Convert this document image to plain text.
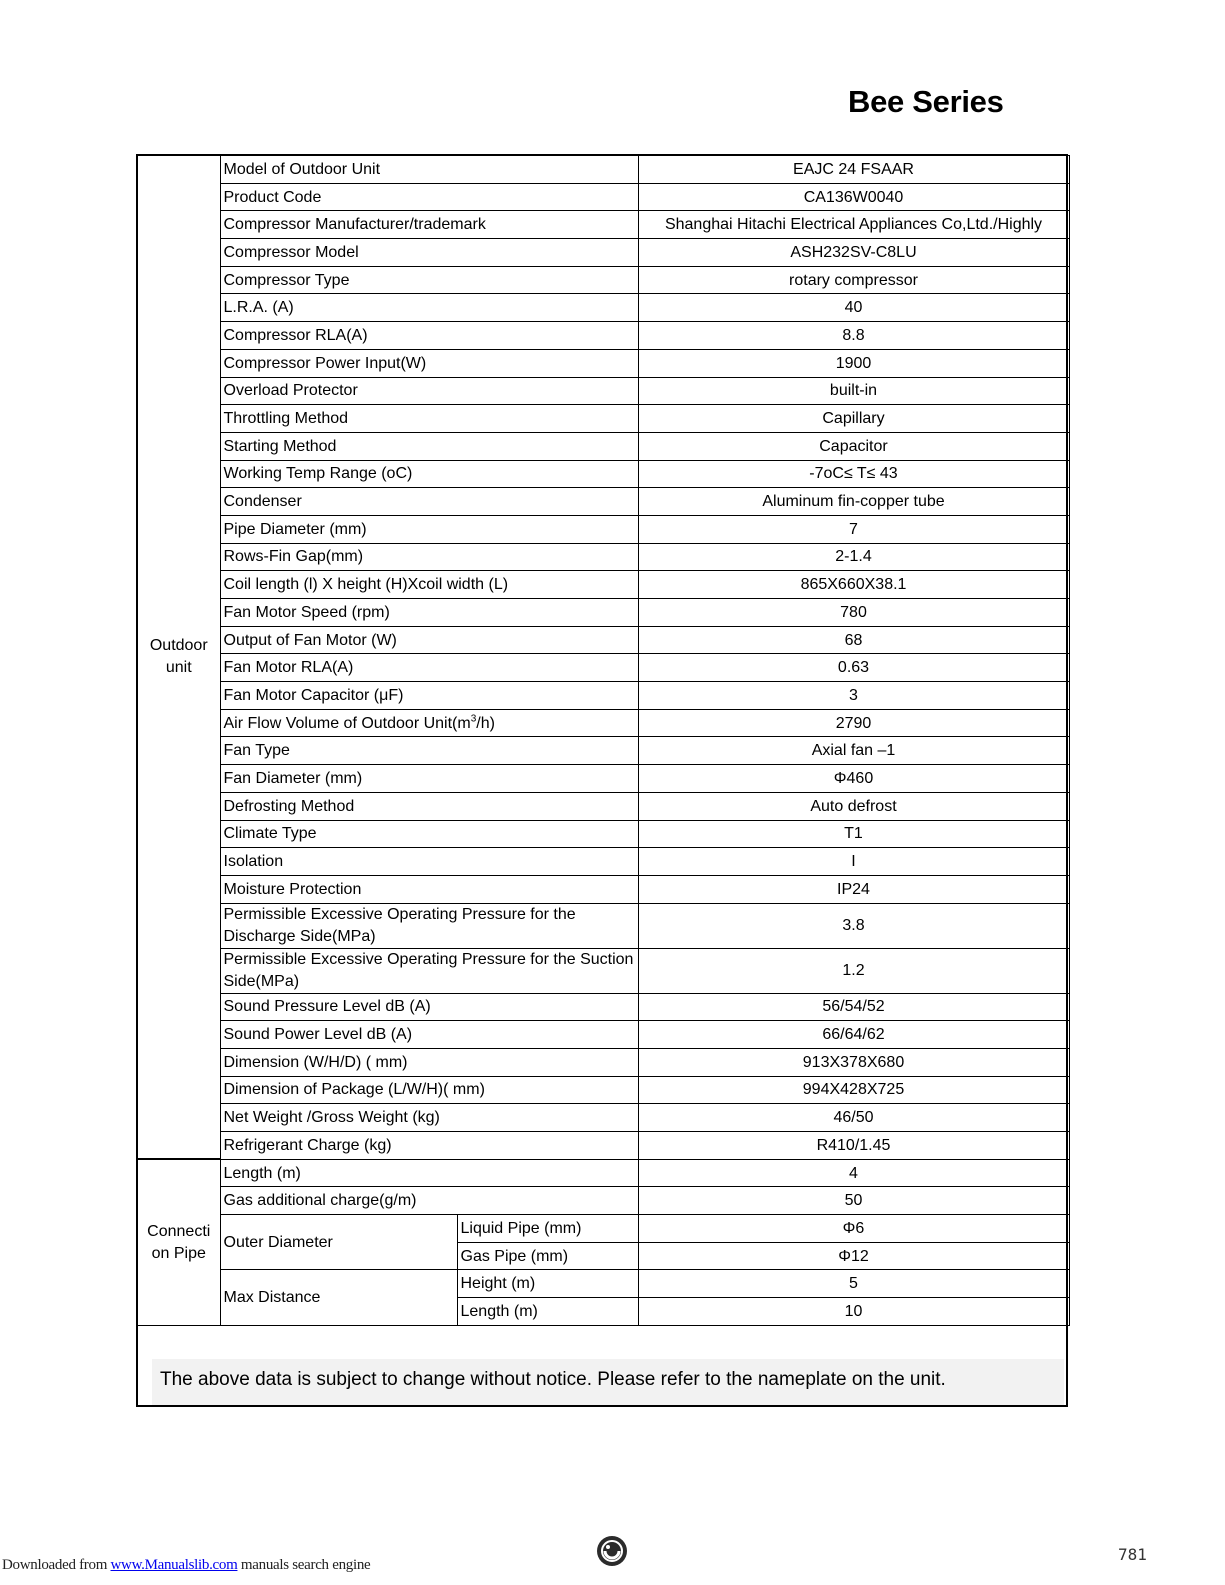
Bee Series
Outdoor unit	Model of Outdoor Unit		EAJC 24 FSAAR
	Product Code		CA136W0040
	Compressor Manufacturer/trademark		Shanghai Hitachi Electrical Appliances Co,Ltd./Highly
	Compressor Model		ASH232SV-C8LU
	Compressor Type		rotary compressor
	L.R.A. (A)		40
	Compressor RLA(A)		8.8
	Compressor Power Input(W)		1900
	Overload Protector		built-in
	Throttling Method		Capillary
	Starting Method		Capacitor
	Working Temp Range (oC)		-7oC≤ T≤ 43
	Condenser		Aluminum fin-copper tube
	Pipe Diameter (mm)		7
	Rows-Fin Gap(mm)		2-1.4
	Coil length (l) X height (H)Xcoil width (L)		865X660X38.1
	Fan Motor Speed (rpm)		780
	Output of Fan Motor (W)		68
	Fan Motor RLA(A)		0.63
	Fan Motor Capacitor (μF)		3
	Air Flow Volume of Outdoor $Unit(m^3/h)$		2790
	Fan Type		Axial fan –1
	Fan Diameter (mm)		Φ460
	Defrosting Method		Auto defrost
	Climate Type		T1
	Isolation		I
	Moisture Protection		IP24
	Permissible Excessive Operating Pressure for the Discharge Side(MPa)		3.8
	Permissible Excessive Operating Pressure for the Suction Side(MPa)		1.2
	Sound Pressure Level dB (A)		56/54/52
	Sound Power Level dB (A)		66/64/62
	Dimension (W/H/D) ( mm)		913X378X680
	Dimension of Package (L/W/H)( mm)		994X428X725
	Net Weight /Gross Weight (kg)		46/50
	Refrigerant Charge (kg)		R410/1.45
Connecti on Pipe	Length (m)		4
	Gas additional charge(g/m)		50
	Outer Diameter	Liquid Pipe (mm)	Φ6
		Gas Pipe (mm)	Φ12
	Max Distance	Height (m)	5
		Length (m)	10
The above data is subject to change without notice. Please refer to the nameplate on the unit.
Downloaded from www.Manualslib.com manuals search engine
781
